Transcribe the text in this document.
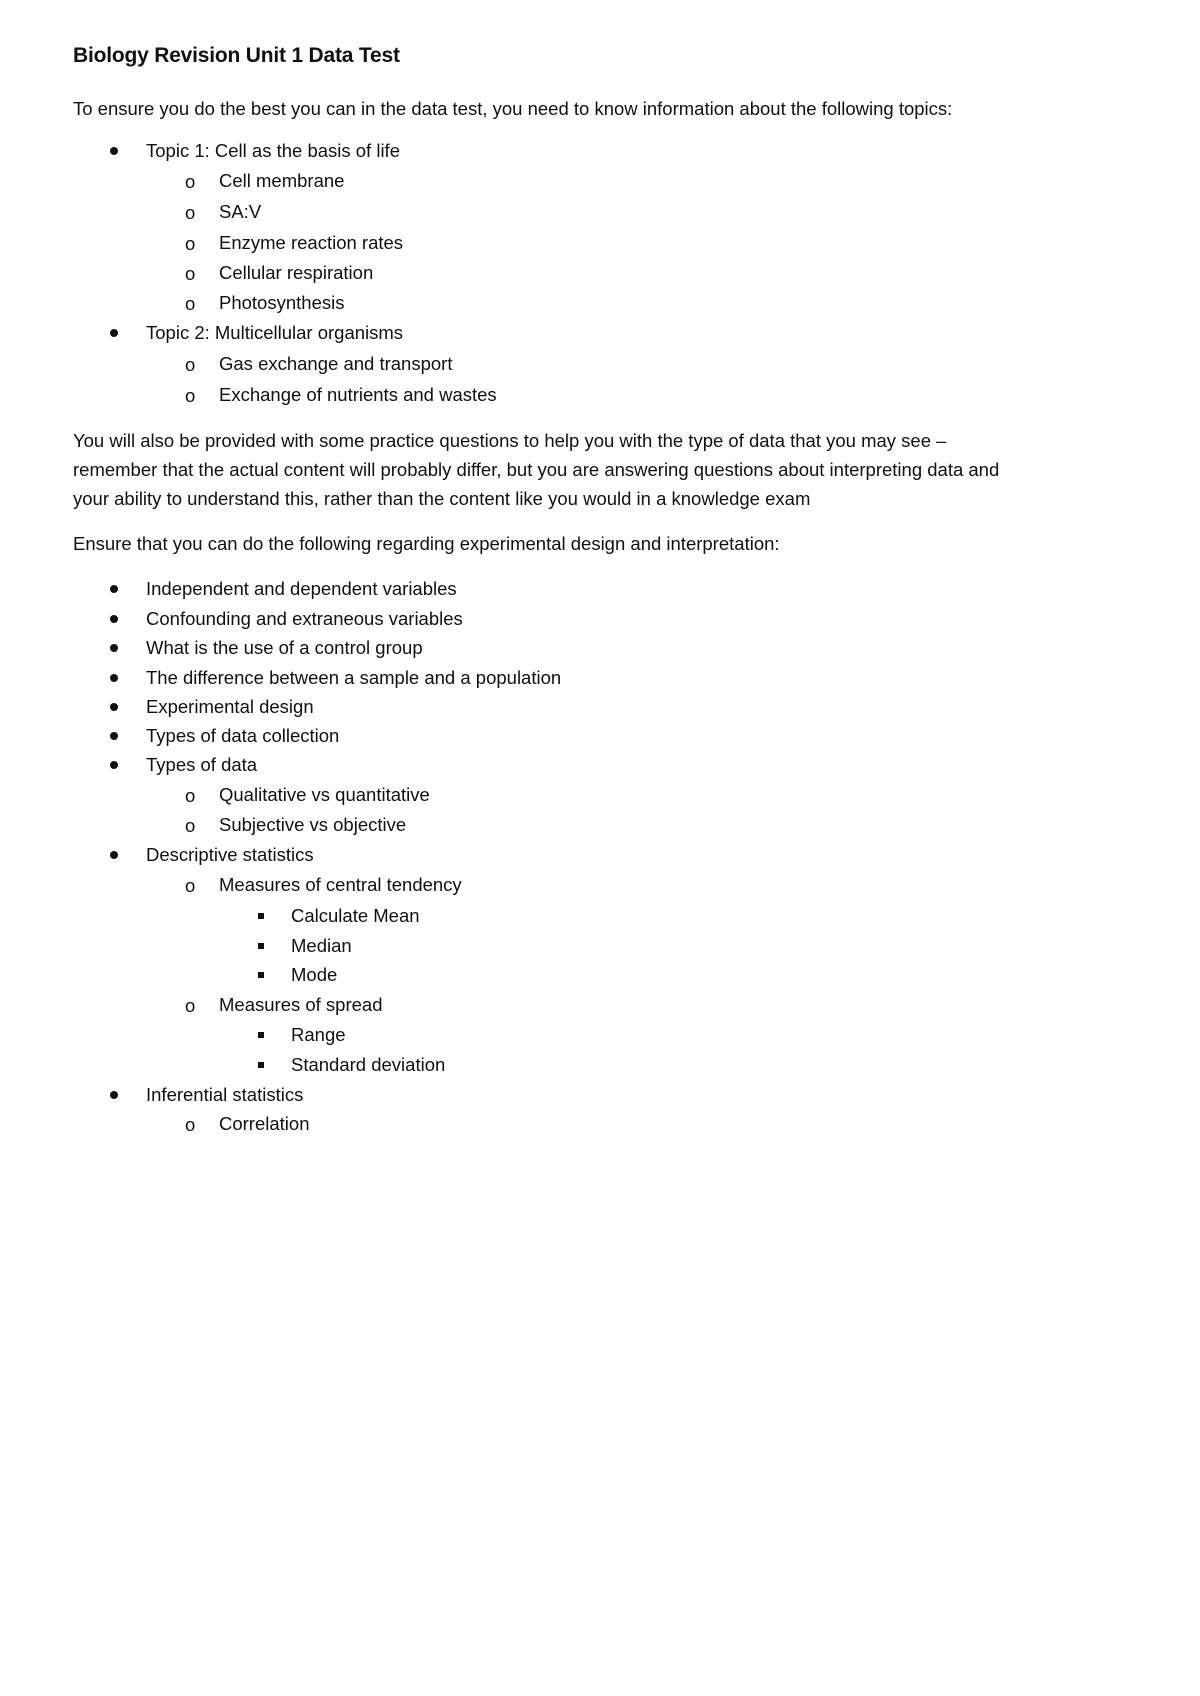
Biology Revision Unit 1 Data Test
To ensure you do the best you can in the data test, you need to know information about the following topics:
Topic 1: Cell as the basis of life
o Cell membrane
o SA:V
o Enzyme reaction rates
o Cellular respiration
o Photosynthesis
Topic 2: Multicellular organisms
o Gas exchange and transport
o Exchange of nutrients and wastes
You will also be provided with some practice questions to help you with the type of data that you may see –
remember that the actual content will probably differ, but you are answering questions about interpreting data and
your ability to understand this, rather than the content like you would in a knowledge exam
Ensure that you can do the following regarding experimental design and interpretation:
Independent and dependent variables
Confounding and extraneous variables
What is the use of a control group
The difference between a sample and a population
Experimental design
Types of data collection
Types of data
o Qualitative vs quantitative
o Subjective vs objective
Descriptive statistics
o Measures of central tendency
Calculate Mean
Median
Mode
o Measures of spread
Range
Standard deviation
Inferential statistics
o Correlation
